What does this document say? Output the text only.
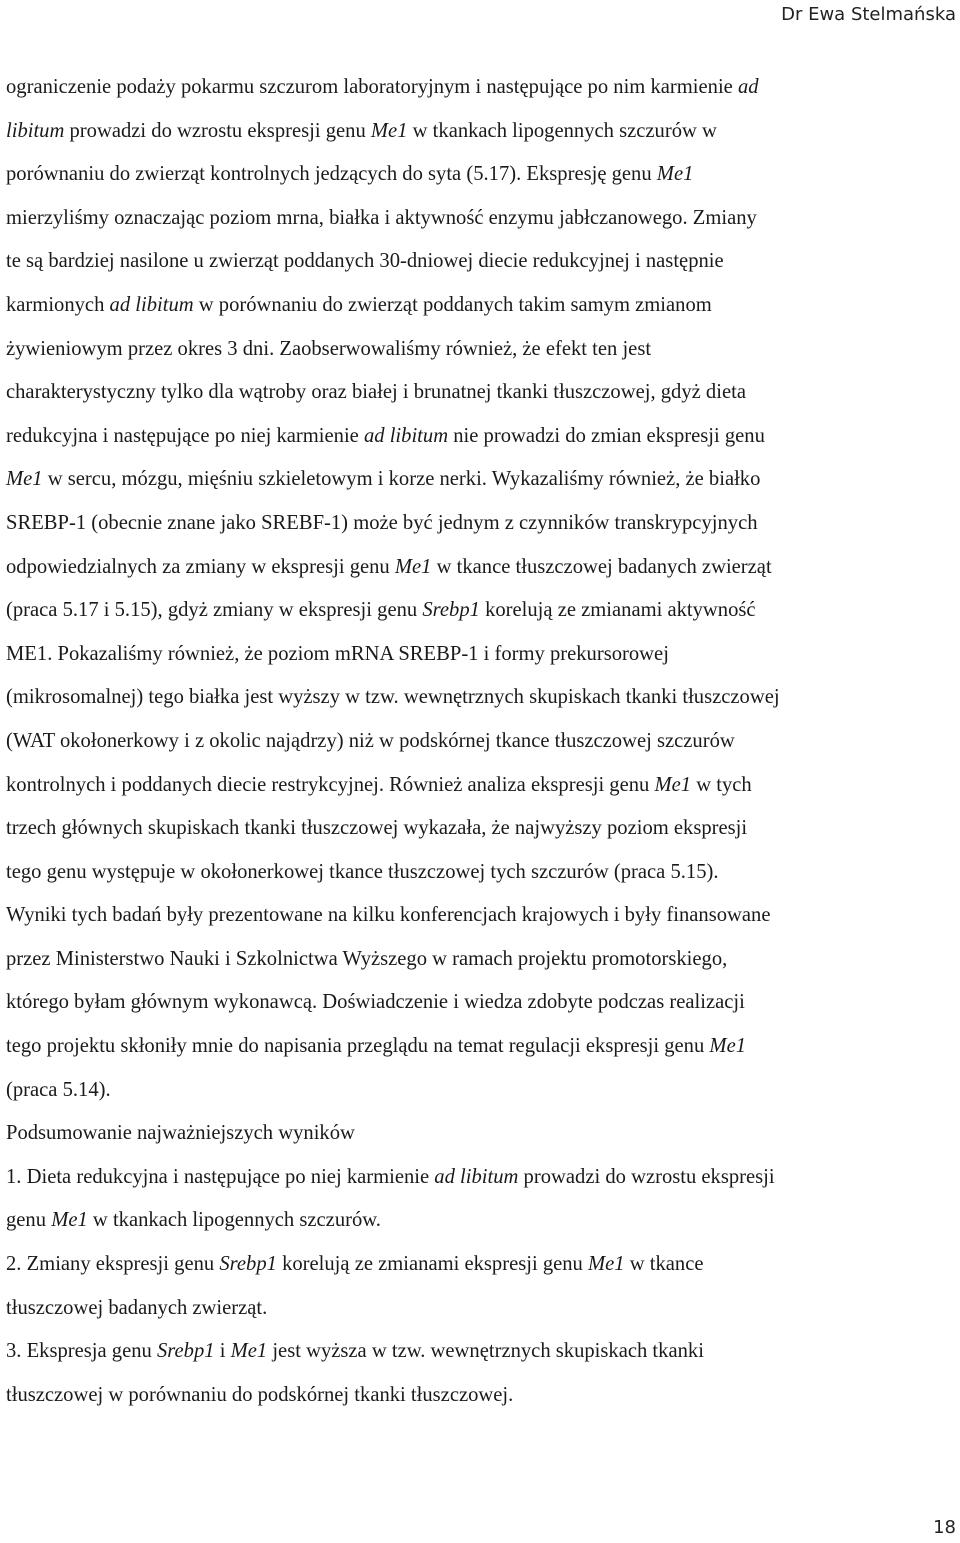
Dr Ewa Stelmańska

ograniczenie podaży pokarmu szczurom laboratoryjnym i następujące po nim karmienie ad
libitum prowadzi do wzrostu ekspresji genu Me1 w tkankach lipogennych szczurów w
porównaniu do zwierząt kontrolnych jedzących do syta (5.17). Ekspresję genu Me1
mierzyliśmy oznaczając poziom mrna, białka i aktywność enzymu jabłczanowego. Zmiany
te są bardziej nasilone u zwierząt poddanych 30-dniowej diecie redukcyjnej i następnie
karmionych ad libitum w porównaniu do zwierząt poddanych takim samym zmianom
żywieniowym przez okres 3 dni. Zaobserwowaliśmy również, że efekt ten jest
charakterystyczny tylko dla wątroby oraz białej i brunatnej tkanki tłuszczowej, gdyż dieta
redukcyjna i następujące po niej karmienie ad libitum nie prowadzi do zmian ekspresji genu
Me1 w sercu, mózgu, mięśniu szkieletowym i korze nerki. Wykazaliśmy również, że białko
SREBP-1 (obecnie znane jako SREBF-1) może być jednym z czynników transkrypcyjnych
odpowiedzialnych za zmiany w ekspresji genu Me1 w tkance tłuszczowej badanych zwierząt
(praca 5.17 i 5.15), gdyż zmiany w ekspresji genu Srebp1 korelują ze zmianami aktywność
ME1. Pokazaliśmy również, że poziom mRNA SREBP-1 i formy prekursorowej
(mikrosomalnej) tego białka jest wyższy w tzw. wewnętrznych skupiskach tkanki tłuszczowej
(WAT okołonerkowy i z okolic najądrzy) niż w podskórnej tkance tłuszczowej szczurów
kontrolnych i poddanych diecie restrykcyjnej. Również analiza ekspresji genu Me1 w tych
trzech głównych skupiskach tkanki tłuszczowej wykazała, że najwyższy poziom ekspresji
tego genu występuje w okołonerkowej tkance tłuszczowej tych szczurów (praca 5.15).
Wyniki tych badań były prezentowane na kilku konferencjach krajowych i były finansowane
przez Ministerstwo Nauki i Szkolnictwa Wyższego w ramach projektu promotorskiego,
którego byłam głównym wykonawcą. Doświadczenie i wiedza zdobyte podczas realizacji
tego projektu skłoniły mnie do napisania przeglądu na temat regulacji ekspresji genu Me1
(praca 5.14).

Podsumowanie najważniejszych wyników

1. Dieta redukcyjna i następujące po niej karmienie ad libitum prowadzi do wzrostu ekspresji
genu Me1 w tkankach lipogennych szczurów.

2. Zmiany ekspresji genu Srebp1 korelują ze zmianami ekspresji genu Me1 w tkance
tłuszczowej badanych zwierząt.

3. Ekspresja genu Srebp1 i Me1 jest wyższa w tzw. wewnętrznych skupiskach tkanki
tłuszczowej w porównaniu do podskórnej tkanki tłuszczowej.

18
